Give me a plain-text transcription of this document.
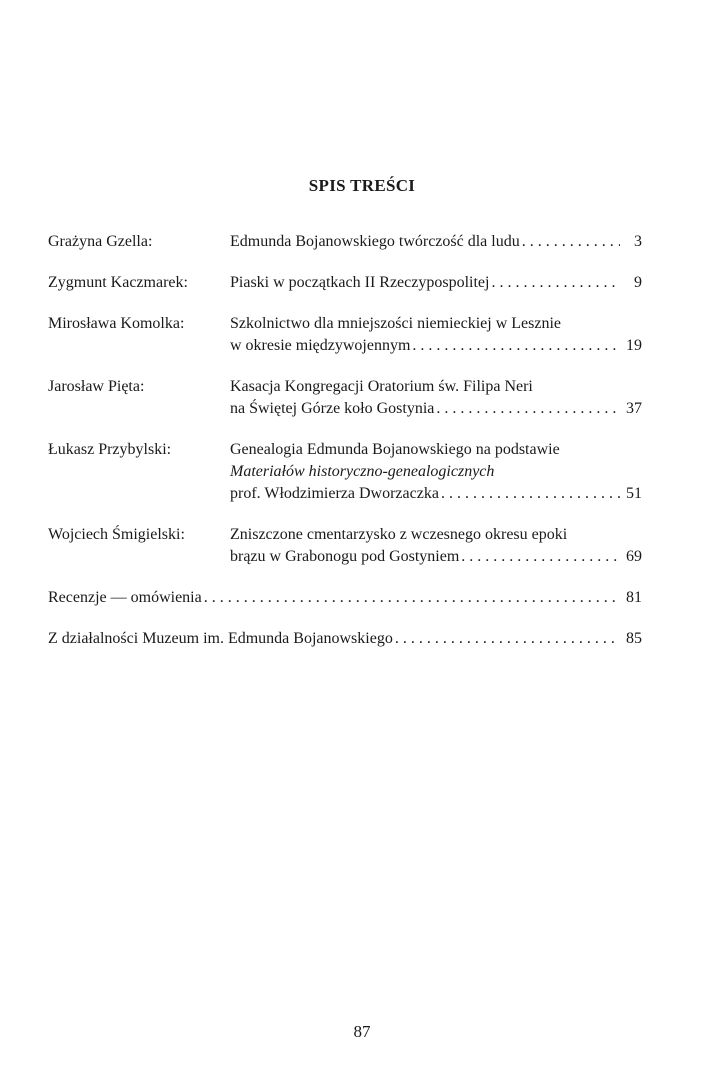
SPIS TREŚCI
Grażyna Gzella:	Edmunda Bojanowskiego twórczość dla ludu . . .	3
Zygmunt Kaczmarek:	Piaski w początkach II Rzeczypospolitej . . .	9
Mirosława Komolka:	Szkolnictwo dla mniejszości niemieckiej w Lesznie
w okresie międzywojennym . . .	19
Jarosław Pięta:	Kasacja Kongregacji Oratorium św. Filipa Neri
na Świętej Górze koło Gostynia . . .	37
Łukasz Przybylski:	Genealogia Edmunda Bojanowskiego na podstawie
Materiałów historyczno-genealogicznych
prof. Włodzimierza Dworzaczka . . .	51
Wojciech Śmigielski:	Zniszczone cmentarzysko z wczesnego okresu epoki
brązu w Grabonogu pod Gostyniem . . .	69
Recenzje — omówienia . . .	81
Z działalności Muzeum im. Edmunda Bojanowskiego . . .	85
87
